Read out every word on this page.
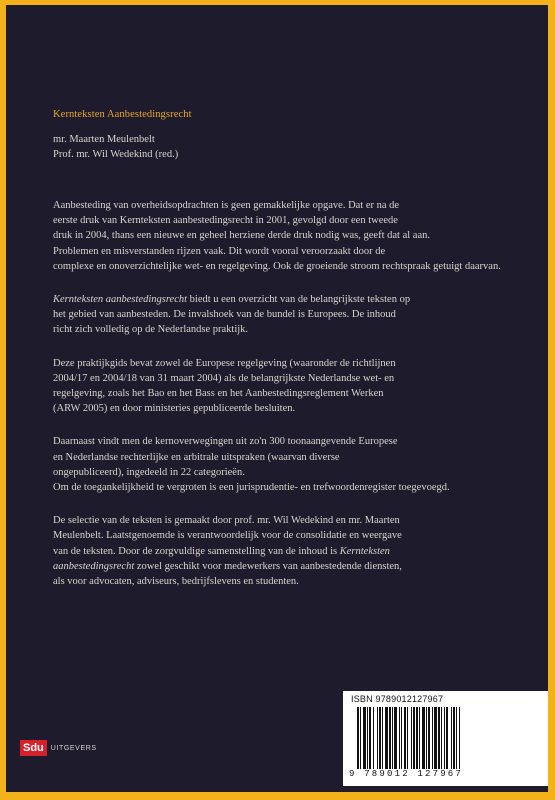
Kernteksten Aanbestedingsrecht
mr. Maarten Meulenbelt
Prof. mr. Wil Wedekind (red.)
Aanbesteding van overheidsopdrachten is geen gemakkelijke opgave. Dat er na de eerste druk van Kernteksten aanbestedingsrecht in 2001, gevolgd door een tweede druk in 2004, thans een nieuwe en geheel herziene derde druk nodig was, geeft dat al aan. Problemen en misverstanden rijzen vaak. Dit wordt vooral veroorzaakt door de complexe en onoverzichtelijke wet- en regelgeving. Ook de groeiende stroom rechtspraak getuigt daarvan.
Kernteksten aanbestedingsrecht biedt u een overzicht van de belangrijkste teksten op het gebied van aanbesteden. De invalshoek van de bundel is Europees. De inhoud richt zich volledig op de Nederlandse praktijk.
Deze praktijkgids bevat zowel de Europese regelgeving (waaronder de richtlijnen 2004/17 en 2004/18 van 31 maart 2004) als de belangrijkste Nederlandse wet- en regelgeving, zoals het Bao en het Bass en het Aanbestedingsreglement Werken (ARW 2005) en door ministeries gepubliceerde besluiten.
Daarnaast vindt men de kernoverwegingen uit zo'n 300 toonaangevende Europese en Nederlandse rechterlijke en arbitrale uitspraken (waarvan diverse ongepubliceerd), ingedeeld in 22 categorieën. Om de toegankelijkheid te vergroten is een jurisprudentie- en trefwoordenregister toegevoegd.
De selectie van de teksten is gemaakt door prof. mr. Wil Wedekind en mr. Maarten Meulenbelt. Laatstgenoemde is verantwoordelijk voor de consolidatie en weergave van de teksten. Door de zorgvuldige samenstelling van de inhoud is Kernteksten aanbestedingsrecht zowel geschikt voor medewerkers van aanbestedende diensten, als voor advocaten, adviseurs, bedrijfslevens en studenten.
Sdu	UITGEVERS
ISBN 9789012127967
9 789012 127967
